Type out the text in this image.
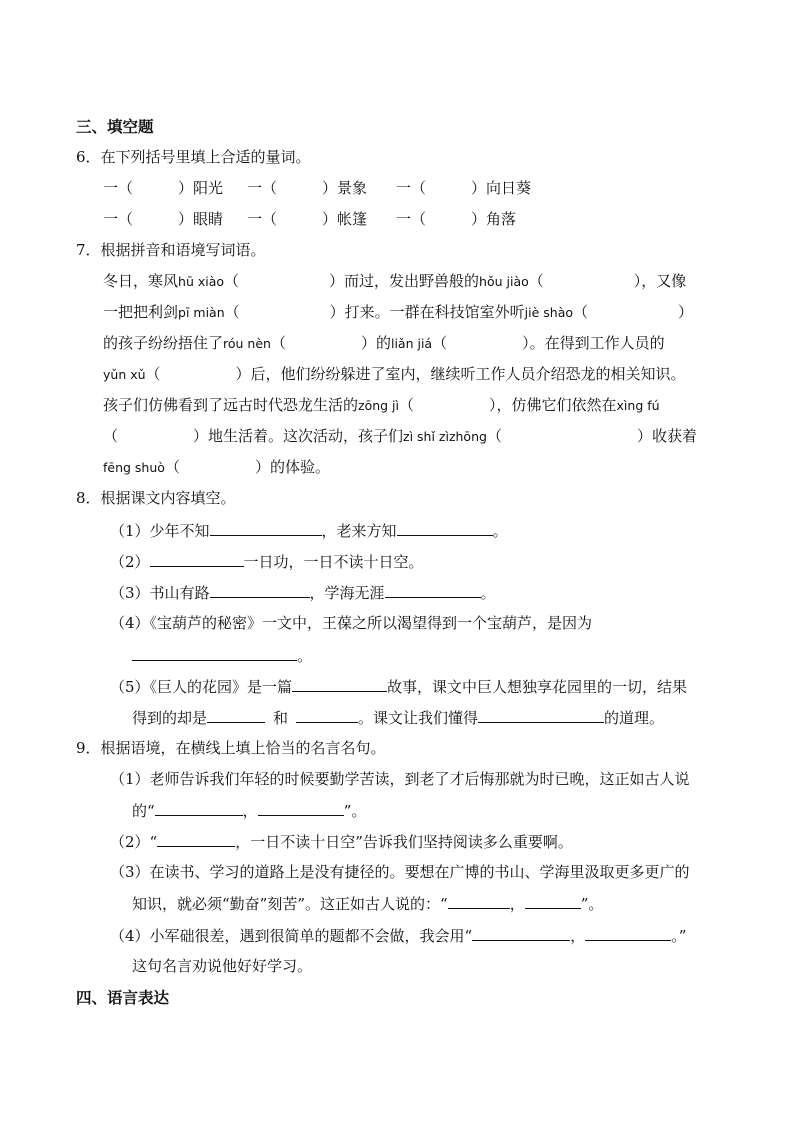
三、填空题
6．在下列括号里填上合适的量词。
一（　　　）阳光 一（　　　）景象 一（　　　）向日葵
一（　　　）眼睛 一（　　　）帐篷 一（　　　）角落
7．根据拼音和语境写词语。
冬日，寒风hū xiào（　　　　　　）而过，发出野兽般的hǒu jiào（　　　　　　），又像
一把把利剑pī miàn（　　　　　　）打来。一群在科技馆室外听jiè shào（　　　　　　）
的孩子纷纷捂住了róu nèn（　　　　　）的liǎn jiá（　　　　　）。在得到工作人员的
yǔn xǔ（　　　　　）后，他们纷纷躲进了室内，继续听工作人员介绍恐龙的相关知识。
孩子们仿佛看到了远古时代恐龙生活的zōng jì（　　　　　），仿佛它们依然在xìng fú
（　　　　　）地生活着。这次活动，孩子们zì shǐ zìzhōng（　　　　　　　　　）收获着
fēng shuò（　　　　　）的体验。
8．根据课文内容填空。
（1）少年不知	，老来方知	。
（2）	一日功，一日不读十日空。
（3）书山有路	，学海无涯	。
（4）《宝葫芦的秘密》一文中，王葆之所以渴望得到一个宝葫芦，是因为
。
（5）《巨人的花园》是一篇	故事，课文中巨人想独享花园里的一切，结果
得到的却是	和	。课文让我们懂得	的道理。
9．根据语境，在横线上填上恰当的名言名句。
（1）老师告诉我们年轻的时候要勤学苦读，到老了才后悔那就为时已晚，这正如古人说
的“	，	”。
（2）“	，一日不读十日空”告诉我们坚持阅读多么重要啊。
（3）在读书、学习的道路上是没有捷径的。要想在广博的书山、学海里汲取更多更广的
知识，就必须“勤奋”刻苦”。这正如古人说的：“	，	”。
（4）小军础很差，遇到很简单的题都不会做，我会用“	，	。”
这句名言劝说他好好学习。
四、语言表达
